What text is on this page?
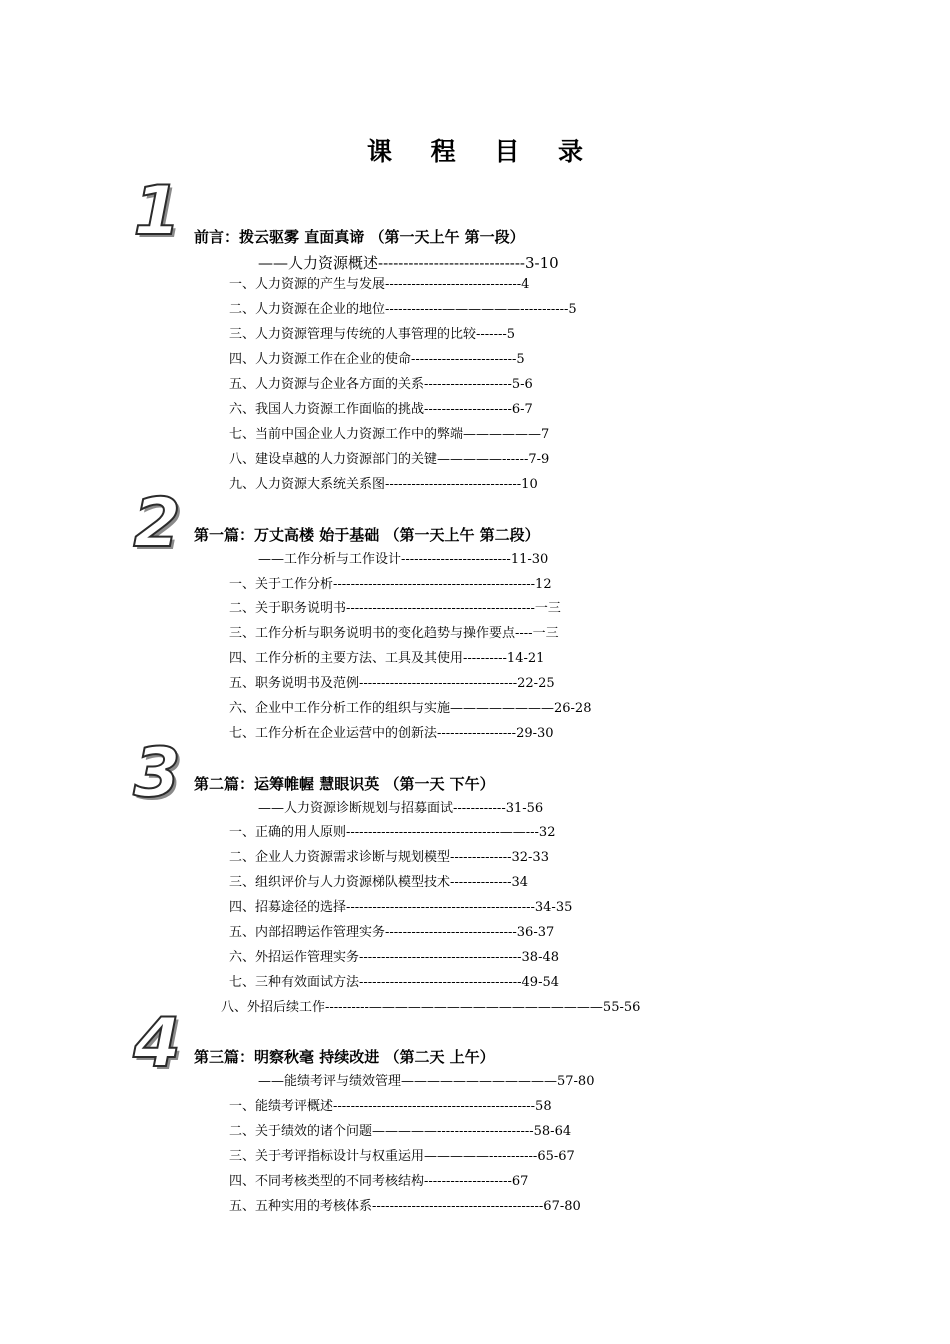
课 程 目 录
1 前言：拨云驱雾 直面真谛 （第一天上午 第一段）
——人力资源概述-----------------------------3-10
一、人力资源的产生与发展-------------------------------4
二、人力资源在企业的地位-------------——————-----------5
三、人力资源管理与传统的人事管理的比较-------5
四、人力资源工作在企业的使命------------------------5
五、人力资源与企业各方面的关系--------------------5-6
六、我国人力资源工作面临的挑战--------------------6-7
七、当前中国企业人力资源工作中的弊端——————7
八、建设卓越的人力资源部门的关键—————------7-9
九、人力资源大系统关系图-------------------------------10
2 第一篇：万丈高楼 始于基础 （第一天上午 第二段）
——工作分析与工作设计-------------------------11-30
一、关于工作分析----------------------------------------------12
二、关于职务说明书-------------------------------------------一三
三、工作分析与职务说明书的变化趋势与操作要点----一三
四、工作分析的主要方法、工具及其使用----------14-21
五、职务说明书及范例------------------------------------22-25
六、企业中工作分析工作的组织与实施————————26-28
七、工作分析在企业运营中的创新法------------------29-30
3 第二篇：运筹帷幄 慧眼识英 （第一天 下午）
——人力资源诊断规划与招募面试------------31-56
一、正确的用人原则-----------------------------------——---32
二、企业人力资源需求诊断与规划模型--------------32-33
三、组织评价与人力资源梯队模型技术--------------34
四、招募途径的选择-------------------------------------------34-35
五、内部招聘运作管理实务------------------------------36-37
六、外招运作管理实务-------------------------------------38-48
七、三种有效面试方法-------------------------------------49-54
八、外招后续工作----------——————————————————55-56
4 第三篇：明察秋毫 持续改进 （第二天 上午）
——能绩考评与绩效管理————————————57-80
一、能绩考评概述----------------------------------------------58
二、关于绩效的诸个问题—————----------------------58-64
三、关于考评指标设计与权重运用—————-----------65-67
四、不同考核类型的不同考核结构--------------------67
五、五种实用的考核体系---------------------------------------67-80
